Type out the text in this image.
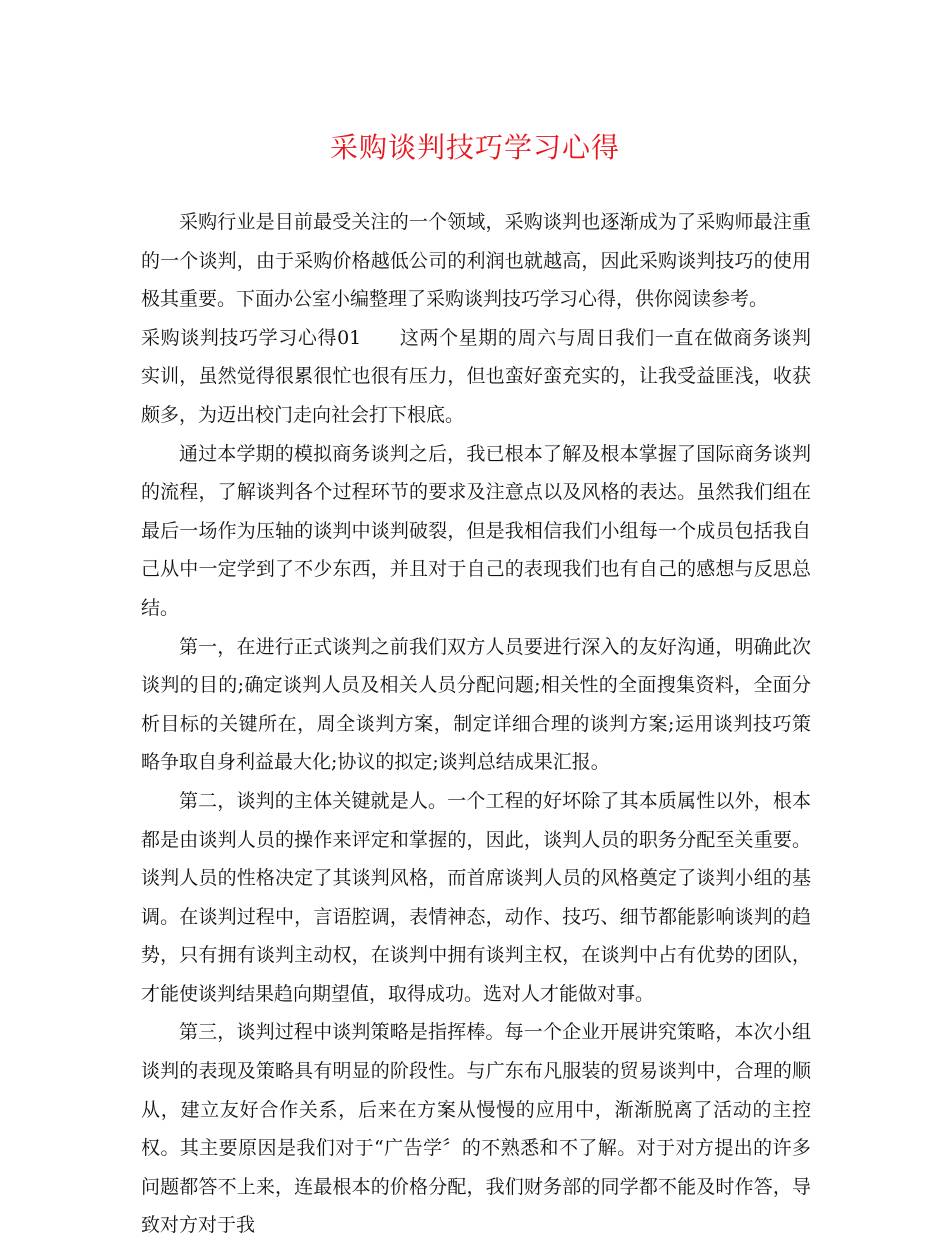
采购谈判技巧学习心得

采购行业是目前最受关注的一个领域，采购谈判也逐渐成为了采购师最注重的一个谈判，由于采购价格越低公司的利润也就越高，因此采购谈判技巧的使用极其重要。下面办公室小编整理了采购谈判技巧学习心得，供你阅读参考。

采购谈判技巧学习心得01 这两个星期的周六与周日我们一直在做商务谈判实训，虽然觉得很累很忙也很有压力，但也蛮好蛮充实的，让我受益匪浅，收获颇多，为迈出校门走向社会打下根底。

通过本学期的模拟商务谈判之后，我已根本了解及根本掌握了国际商务谈判的流程，了解谈判各个过程环节的要求及注意点以及风格的表达。虽然我们组在最后一场作为压轴的谈判中谈判破裂，但是我相信我们小组每一个成员包括我自己从中一定学到了不少东西，并且对于自己的表现我们也有自己的感想与反思总结。

第一，在进行正式谈判之前我们双方人员要进行深入的友好沟通，明确此次谈判的目的;确定谈判人员及相关人员分配问题;相关性的全面搜集资料，全面分析目标的关键所在，周全谈判方案，制定详细合理的谈判方案;运用谈判技巧策略争取自身利益最大化;协议的拟定;谈判总结成果汇报。

第二，谈判的主体关键就是人。一个工程的好坏除了其本质属性以外，根本都是由谈判人员的操作来评定和掌握的，因此，谈判人员的职务分配至关重要。谈判人员的性格决定了其谈判风格，而首席谈判人员的风格奠定了谈判小组的基调。在谈判过程中，言语腔调，表情神态，动作、技巧、细节都能影响谈判的趋势，只有拥有谈判主动权，在谈判中拥有谈判主权，在谈判中占有优势的团队，才能使谈判结果趋向期望值，取得成功。选对人才能做对事。

第三，谈判过程中谈判策略是指挥棒。每一个企业开展讲究策略，本次小组谈判的表现及策略具有明显的阶段性。与广东布凡服装的贸易谈判中，合理的顺从，建立友好合作关系，后来在方案从慢慢的应用中，渐渐脱离了活动的主控权。其主要原因是我们对于“广告学〞的不熟悉和不了解。对于对方提出的许多问题都答不上来，连最根本的价格分配，我们财务部的同学都不能及时作答，导致对方对于我
